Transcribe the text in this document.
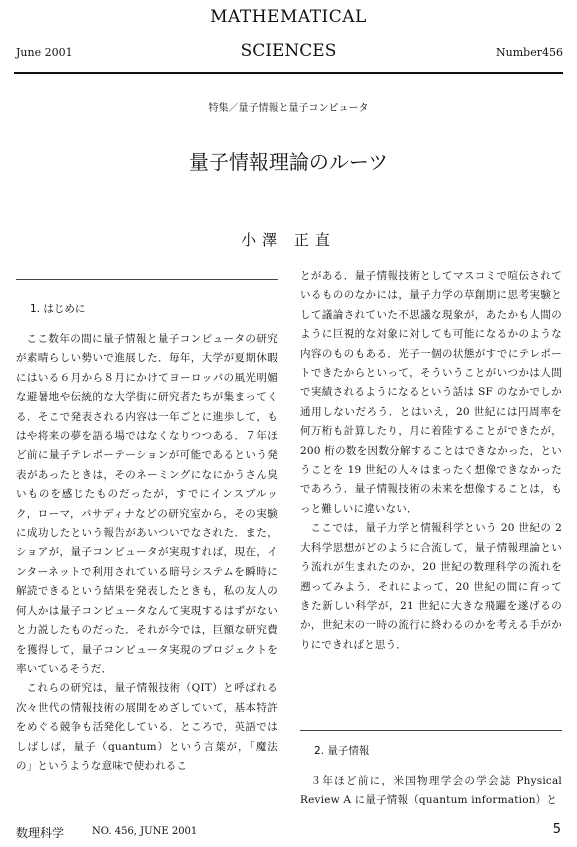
MATHEMATICAL
SCIENCES
June 2001	Number456
特集／量子情報と量子コンピュータ
量子情報理論のルーツ
小澤 正直
1. はじめに

ここ数年の間に量子情報と量子コンピュータの研究が素晴らしい勢いで進展した．毎年，大学が夏期休暇にはいる６月から８月にかけてヨーロッパの風光明媚な避暑地や伝統的な大学街に研究者たちが集まってくる．そこで発表される内容は一年ごとに進歩して，もはや将来の夢を語る場ではなくなりつつある．７年ほど前に量子テレポーテーションが可能であるという発表があったときは，そのネーミングになにかうさん臭いものを感じたものだったが，すでにインスブルック，ローマ，パサディナなどの研究室から，その実験に成功したという報告があいついでなされた．また，ショアが，量子コンピュータが実現すれば，現在，インターネットで利用されている暗号システムを瞬時に解読できるという結果を発表したときも，私の友人の何人かは量子コンピュータなんて実現するはずがないと力説したものだった．それが今では，巨額な研究費を獲得して，量子コンピュータ実現のプロジェクトを率いているそうだ．

これらの研究は，量子情報技術（QIT）と呼ばれる次々世代の情報技術の展開をめざしていて，基本特許をめぐる競争も活発化している．ところで，英語ではしばしば，量子（quantum）という言葉が，「魔法の」というような意味で使われるこ

とがある．量子情報技術としてマスコミで喧伝されているもののなかには，量子力学の草創期に思考実験として議論されていた不思議な現象が，あたかも人間のように巨視的な対象に対しても可能になるかのような内容のものもある．光子一個の状態がすでにテレポートできたからといって，そういうことがいつかは人間で実績されるようになるという話は SF のなかでしか通用しないだろう．とはいえ，20 世紀には円周率を何万桁も計算したり，月に着陸することができたが，200 桁の数を因数分解することはできなかった，ということを 19 世紀の人々はまったく想像できなかったであろう．量子情報技術の未来を想像することは，もっと難しいに違いない．

ここでは，量子力学と情報科学という 20 世紀の 2 大科学思想がどのように合流して，量子情報理論という流れが生まれたのか，20 世紀の数理科学の流れを遡ってみよう．それによって，20 世紀の間に育ってきた新しい科学が，21 世紀に大きな飛躍を遂げるのか，世紀末の一時の流行に終わるのかを考える手がかりにできればと思う．

2. 量子情報

３年ほど前に，米国物理学会の学会誌 Physical Review A に量子情報（quantum information）と

数理科学	NO. 456, JUNE 2001	5
